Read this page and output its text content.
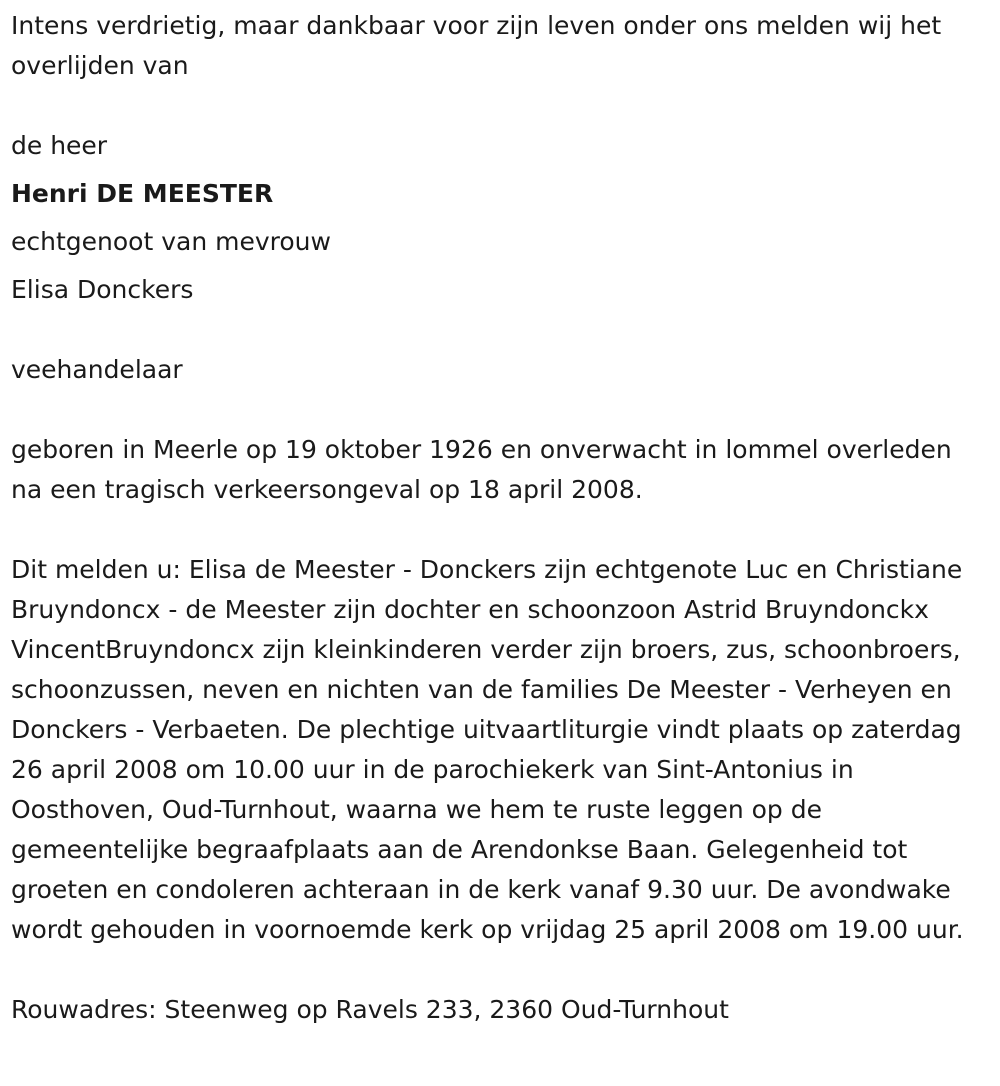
Intens verdrietig, maar dankbaar voor zijn leven onder ons melden wij het overlijden van

de heer

Henri DE MEESTER

echtgenoot van mevrouw

Elisa Donckers

veehandelaar

geboren in Meerle op 19 oktober 1926 en onverwacht in lommel overleden na een tragisch verkeersongeval op 18 april 2008.

Dit melden u: Elisa de Meester - Donckers zijn echtgenote Luc en Christiane Bruyndoncx - de Meester zijn dochter en schoonzoon Astrid Bruyndonckx VincentBruyndoncx zijn kleinkinderen verder zijn broers, zus, schoonbroers, schoonzussen, neven en nichten van de families De Meester - Verheyen en Donckers - Verbaeten. De plechtige uitvaartliturgie vindt plaats op zaterdag 26 april 2008 om 10.00 uur in de parochiekerk van Sint-Antonius in Oosthoven, Oud-Turnhout, waarna we hem te ruste leggen op de gemeentelijke begraafplaats aan de Arendonkse Baan. Gelegenheid tot groeten en condoleren achteraan in de kerk vanaf 9.30 uur. De avondwake wordt gehouden in voornoemde kerk op vrijdag 25 april 2008 om 19.00 uur.

Rouwadres: Steenweg op Ravels 233, 2360 Oud-Turnhout
